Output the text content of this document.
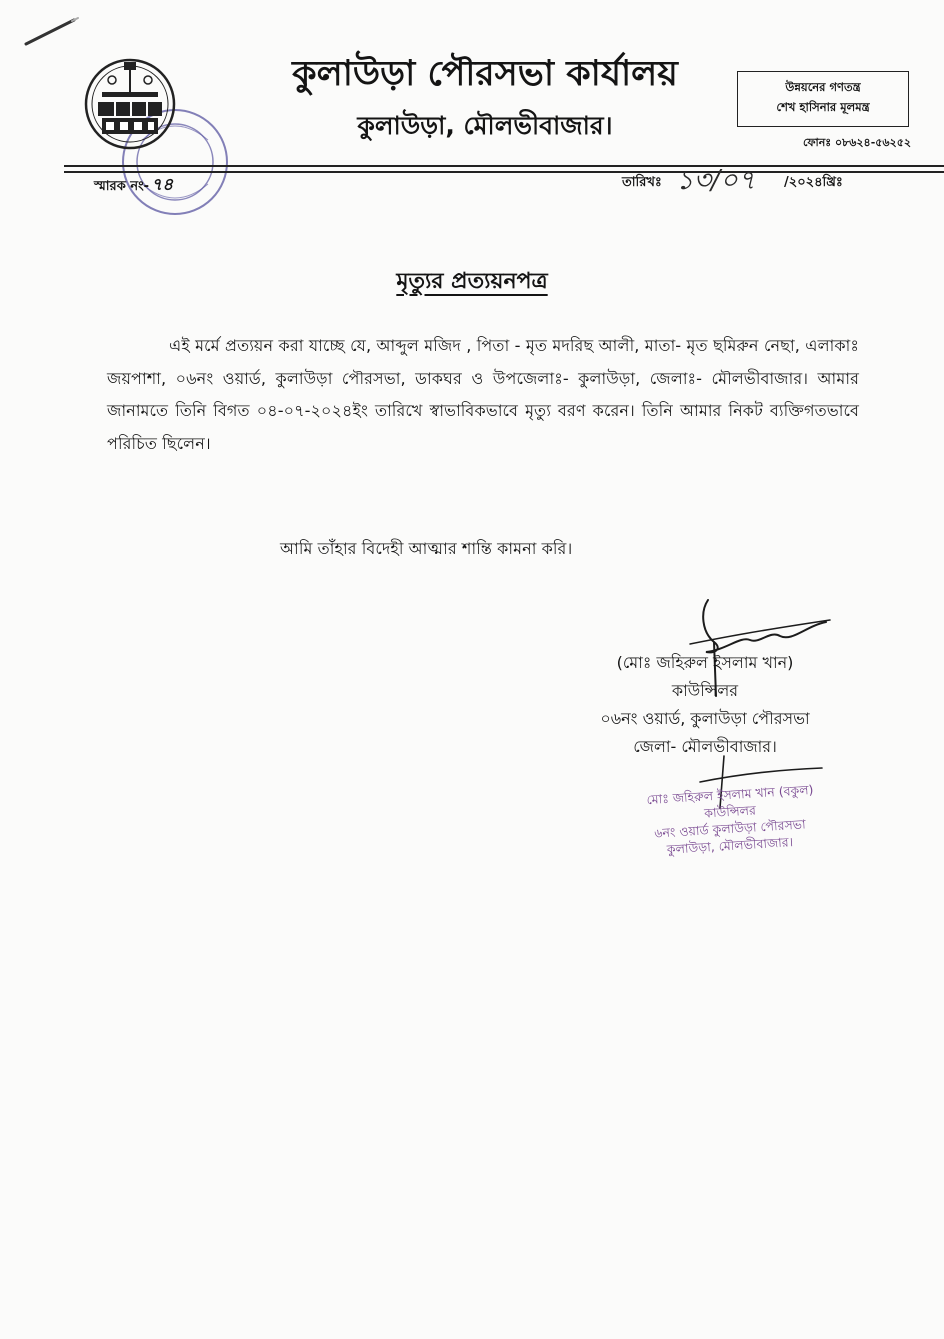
কুলাউড়া পৌরসভা কার্যালয়
কুলাউড়া, মৌলভীবাজার।
উন্নয়নের গণতন্ত্র
শেখ হাসিনার মূলমন্ত্র
ফোনঃ ০৮৬২৪-৫৬২৫২
স্মারক নং- ৭৪	তারিখঃ ১৩/০৭ /২০২৪খ্রিঃ
মৃত্যুর প্রত্যয়নপত্র
এই মর্মে প্রত্যয়ন করা যাচ্ছে যে, আব্দুল মজিদ , পিতা - মৃত মদরিছ আলী, মাতা- মৃত ছমিরুন নেছা, এলাকাঃ জয়পাশা, ০৬নং ওয়ার্ড, কুলাউড়া পৌরসভা, ডাকঘর ও উপজেলাঃ- কুলাউড়া, জেলাঃ- মৌলভীবাজার। আমার জানামতে তিনি বিগত ০৪-০৭-২০২৪ইং তারিখে স্বাভাবিকভাবে মৃত্যু বরণ করেন। তিনি আমার নিকট ব্যক্তিগতভাবে পরিচিত ছিলেন।
আমি তাঁহার বিদেহী আত্মার শান্তি কামনা করি।
(মোঃ জহিরুল ইসলাম খান)
কাউন্সিলর
০৬নং ওয়ার্ড, কুলাউড়া পৌরসভা
জেলা- মৌলভীবাজার।
মোঃ জহিরুল ইসলাম খান (বকুল)
কাউন্সিলর
৬নং ওয়ার্ড কুলাউড়া পৌরসভা
কুলাউড়া, মৌলভীবাজার।
